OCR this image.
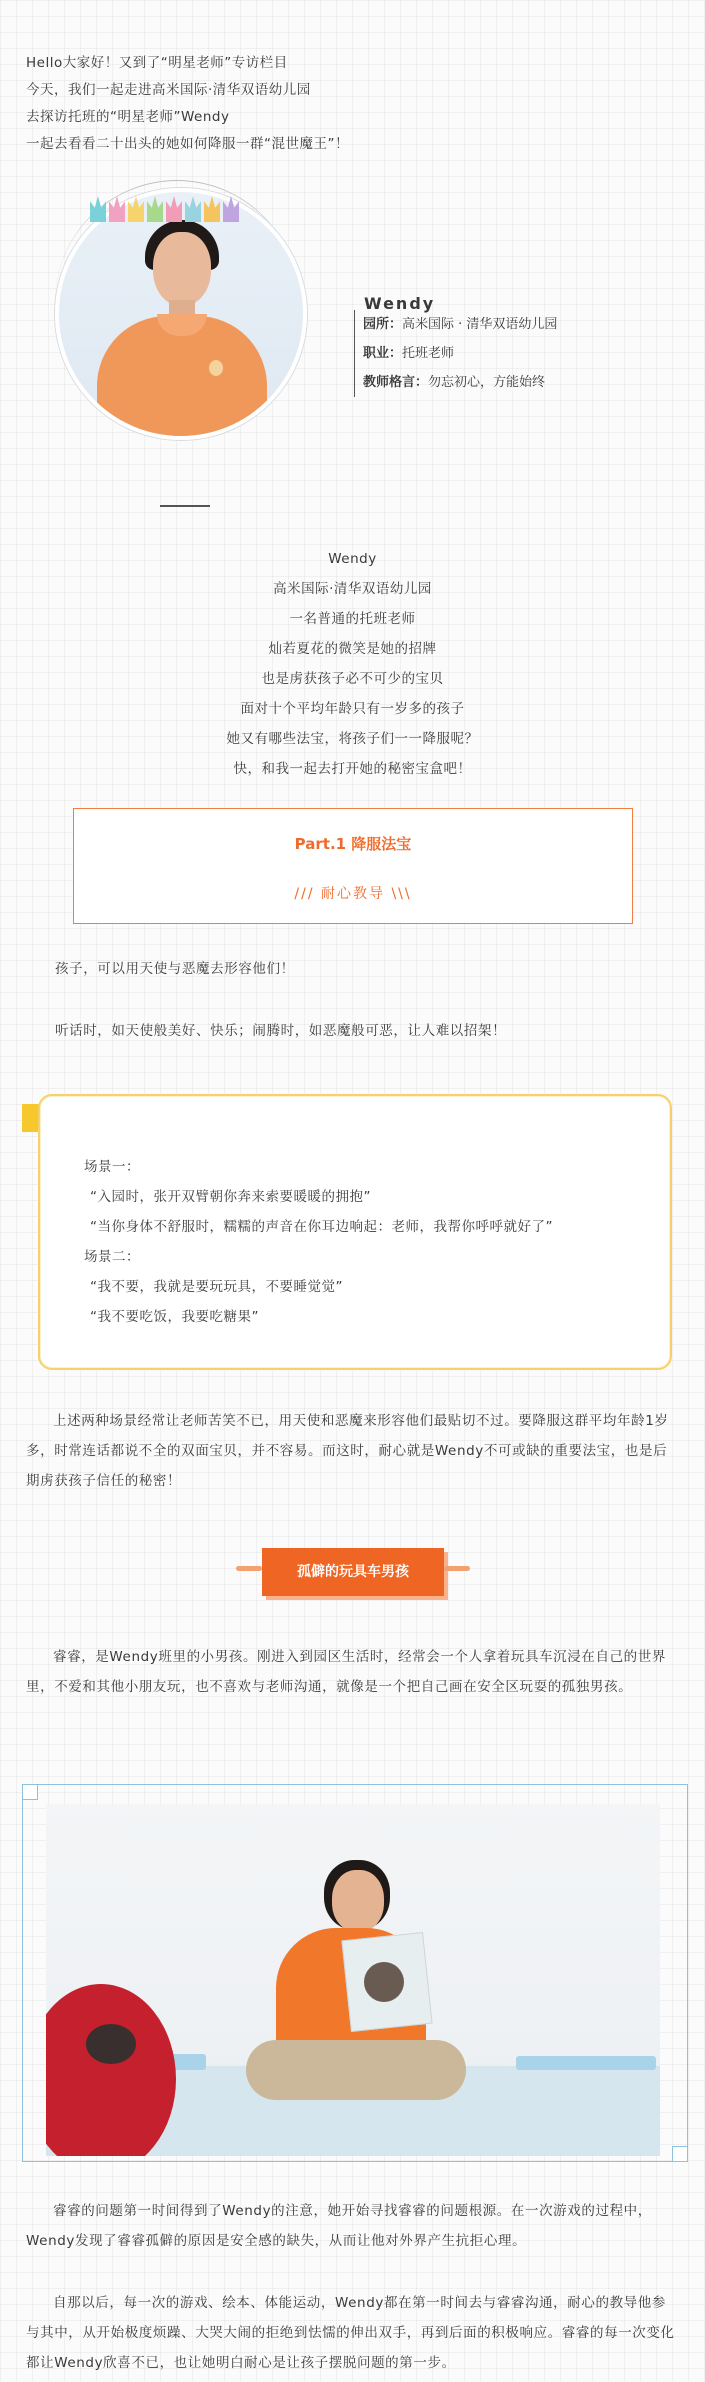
Hello大家好！又到了“明星老师”专访栏目

今天，我们一起走进高米国际·清华双语幼儿园

去探访托班的“明星老师”Wendy

一起去看看二十出头的她如何降服一群“混世魔王”！

Wendy
园所：高米国际 · 清华双语幼儿园
职业：托班老师
教师格言：勿忘初心，方能始终

Wendy

高米国际·清华双语幼儿园

一名普通的托班老师

灿若夏花的微笑是她的招牌

也是虏获孩子必不可少的宝贝

面对十个平均年龄只有一岁多的孩子

她又有哪些法宝，将孩子们一一降服呢？

快，和我一起去打开她的秘密宝盒吧！

Part.1 降服法宝
/// 耐心教导 \\\
孩子，可以用天使与恶魔去形容他们！
听话时，如天使般美好、快乐；闹腾时，如恶魔般可恶，让人难以招架！

场景一：

“入园时，张开双臂朝你奔来索要暖暖的拥抱”

“当你身体不舒服时，糯糯的声音在你耳边响起：老师，我帮你呼呼就好了”

场景二：

“我不要，我就是要玩玩具，不要睡觉觉”

“我不要吃饭，我要吃糖果”

上述两种场景经常让老师苦笑不已，用天使和恶魔来形容他们最贴切不过。要降服这群平均年龄1岁多，时常连话都说不全的双面宝贝，并不容易。而这时，耐心就是Wendy不可或缺的重要法宝，也是后期虏获孩子信任的秘密！
孤僻的玩具车男孩
睿睿，是Wendy班里的小男孩。刚进入到园区生活时，经常会一个人拿着玩具车沉浸在自己的世界里，不爱和其他小朋友玩，也不喜欢与老师沟通，就像是一个把自己画在安全区玩耍的孤独男孩。
睿睿的问题第一时间得到了Wendy的注意，她开始寻找睿睿的问题根源。在一次游戏的过程中，Wendy发现了睿睿孤僻的原因是安全感的缺失，从而让他对外界产生抗拒心理。
自那以后，每一次的游戏、绘本、体能运动，Wendy都在第一时间去与睿睿沟通，耐心的教导他参与其中，从开始极度烦躁、大哭大闹的拒绝到怯懦的伸出双手，再到后面的积极响应。睿睿的每一次变化都让Wendy欣喜不已，也让她明白耐心是让孩子摆脱问题的第一步。
